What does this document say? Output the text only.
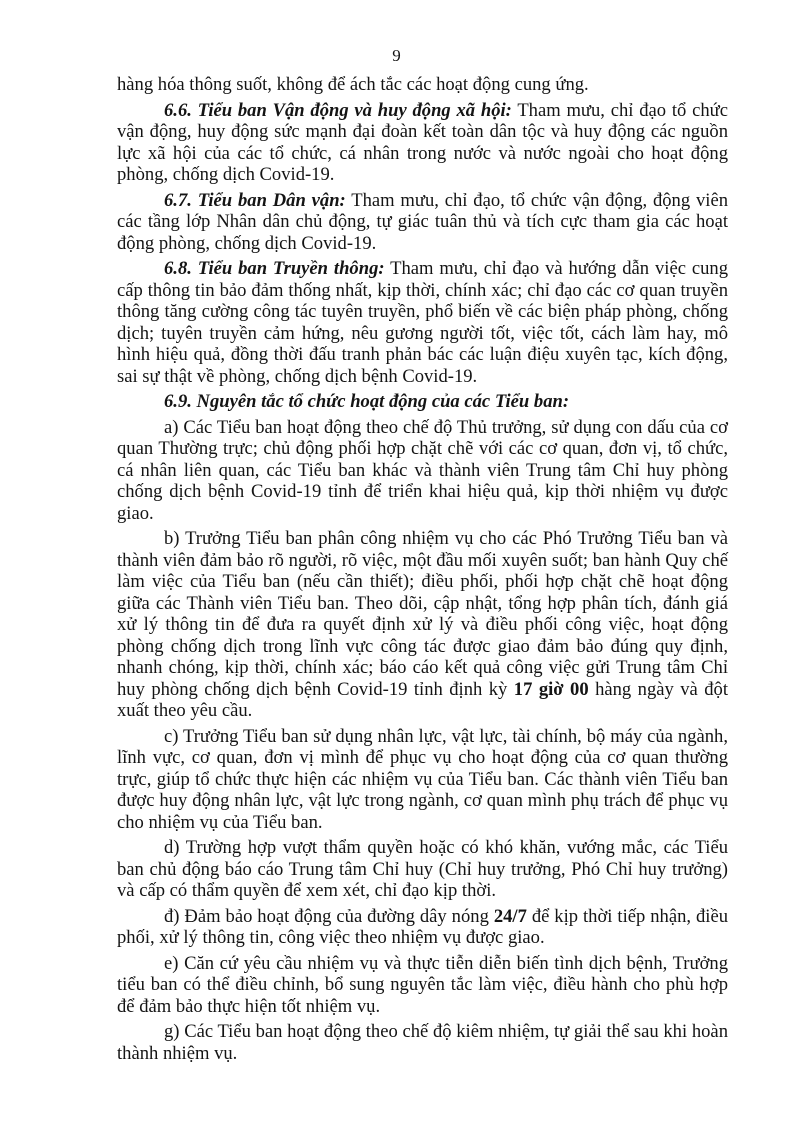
9

hàng hóa thông suốt, không để ách tắc các hoạt động cung ứng.

6.6. Tiểu ban Vận động và huy động xã hội: Tham mưu, chỉ đạo tổ chức vận động, huy động sức mạnh đại đoàn kết toàn dân tộc và huy động các nguồn lực xã hội của các tổ chức, cá nhân trong nước và nước ngoài cho hoạt động phòng, chống dịch Covid-19.

6.7. Tiểu ban Dân vận: Tham mưu, chỉ đạo, tổ chức vận động, động viên các tầng lớp Nhân dân chủ động, tự giác tuân thủ và tích cực tham gia các hoạt động phòng, chống dịch Covid-19.

6.8. Tiểu ban Truyền thông: Tham mưu, chỉ đạo và hướng dẫn việc cung cấp thông tin bảo đảm thống nhất, kịp thời, chính xác; chỉ đạo các cơ quan truyền thông tăng cường công tác tuyên truyền, phổ biến về các biện pháp phòng, chống dịch; tuyên truyền cảm hứng, nêu gương người tốt, việc tốt, cách làm hay, mô hình hiệu quả, đồng thời đấu tranh phản bác các luận điệu xuyên tạc, kích động, sai sự thật về phòng, chống dịch bệnh Covid-19.

6.9. Nguyên tắc tổ chức hoạt động của các Tiểu ban:

a) Các Tiểu ban hoạt động theo chế độ Thủ trưởng, sử dụng con dấu của cơ quan Thường trực; chủ động phối hợp chặt chẽ với các cơ quan, đơn vị, tổ chức, cá nhân liên quan, các Tiểu ban khác và thành viên Trung tâm Chỉ huy phòng chống dịch bệnh Covid-19 tỉnh để triển khai hiệu quả, kịp thời nhiệm vụ được giao.

b) Trưởng Tiểu ban phân công nhiệm vụ cho các Phó Trưởng Tiểu ban và thành viên đảm bảo rõ người, rõ việc, một đầu mối xuyên suốt; ban hành Quy chế làm việc của Tiểu ban (nếu cần thiết); điều phối, phối hợp chặt chẽ hoạt động giữa các Thành viên Tiểu ban. Theo dõi, cập nhật, tổng hợp phân tích, đánh giá xử lý thông tin để đưa ra quyết định xử lý và điều phối công việc, hoạt động phòng chống dịch trong lĩnh vực công tác được giao đảm bảo đúng quy định, nhanh chóng, kịp thời, chính xác; báo cáo kết quả công việc gửi Trung tâm Chỉ huy phòng chống dịch bệnh Covid-19 tỉnh định kỳ 17 giờ 00 hàng ngày và đột xuất theo yêu cầu.

c) Trưởng Tiểu ban sử dụng nhân lực, vật lực, tài chính, bộ máy của ngành, lĩnh vực, cơ quan, đơn vị mình để phục vụ cho hoạt động của cơ quan thường trực, giúp tổ chức thực hiện các nhiệm vụ của Tiểu ban. Các thành viên Tiểu ban được huy động nhân lực, vật lực trong ngành, cơ quan mình phụ trách để phục vụ cho nhiệm vụ của Tiểu ban.

d) Trường hợp vượt thẩm quyền hoặc có khó khăn, vướng mắc, các Tiểu ban chủ động báo cáo Trung tâm Chỉ huy (Chỉ huy trưởng, Phó Chỉ huy trưởng) và cấp có thẩm quyền để xem xét, chỉ đạo kịp thời.

đ) Đảm bảo hoạt động của đường dây nóng 24/7 để kịp thời tiếp nhận, điều phối, xử lý thông tin, công việc theo nhiệm vụ được giao.

e) Căn cứ yêu cầu nhiệm vụ và thực tiễn diễn biến tình dịch bệnh, Trưởng tiểu ban có thể điều chỉnh, bổ sung nguyên tắc làm việc, điều hành cho phù hợp để đảm bảo thực hiện tốt nhiệm vụ.

g) Các Tiểu ban hoạt động theo chế độ kiêm nhiệm, tự giải thể sau khi hoàn thành nhiệm vụ.
